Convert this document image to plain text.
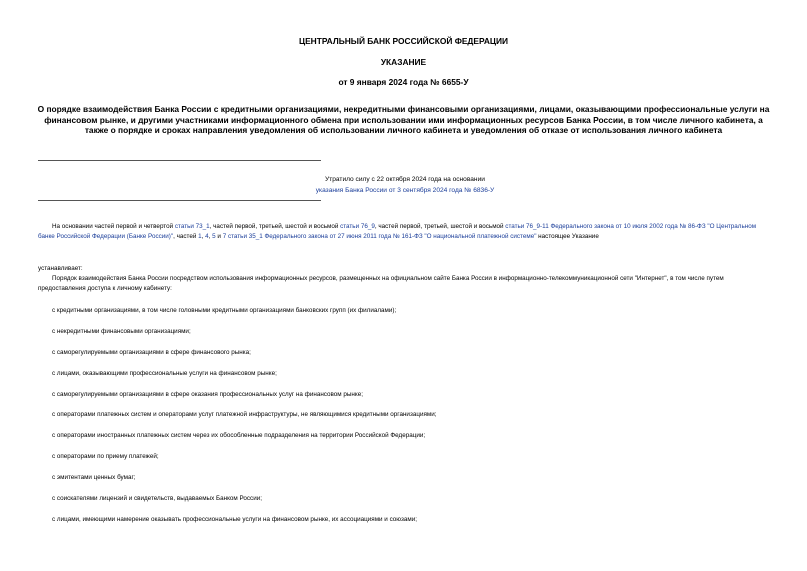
ЦЕНТРАЛЬНЫЙ БАНК РОССИЙСКОЙ ФЕДЕРАЦИИ
УКАЗАНИЕ
от 9 января 2024 года № 6655-У
О порядке взаимодействия Банка России с кредитными организациями, некредитными финансовыми организациями, лицами, оказывающими профессиональные услуги на финансовом рынке, и другими участниками информационного обмена при использовании ими информационных ресурсов Банка России, в том числе личного кабинета, а также о порядке и сроках направления уведомления об использовании личного кабинета и уведомления об отказе от использования личного кабинета
Утратило силу с 22 октября 2024 года на основании
указания Банка России от 3 сентября 2024 года № 6836-У
На основании частей первой и четвертой статьи 73_1, частей первой, третьей, шестой и восьмой статьи 76_9, частей первой, третьей, шестой и восьмой статьи 76_9-11 Федерального закона от 10 июля 2002 года № 86-ФЗ "О Центральном банке Российской Федерации (Банке России)", частей 1, 4, 5 и 7 статьи 35_1 Федерального закона от 27 июня 2011 года № 161-ФЗ "О национальной платежной системе" настоящее Указание
устанавливает:
Порядок взаимодействия Банка России посредством использования информационных ресурсов, размещенных на официальном сайте Банка России в информационно-телекоммуникационной сети "Интернет", в том числе путем предоставления доступа к личному кабинету:
с кредитными организациями, в том числе головными кредитными организациями банковских групп (их филиалами);
с некредитными финансовыми организациями;
с саморегулируемыми организациями в сфере финансового рынка;
с лицами, оказывающими профессиональные услуги на финансовом рынке;
с саморегулируемыми организациями в сфере оказания профессиональных услуг на финансовом рынке;
с операторами платежных систем и операторами услуг платежной инфраструктуры, не являющимися кредитными организациями;
с операторами иностранных платежных систем через их обособленные подразделения на территории Российской Федерации;
с операторами по приему платежей;
с эмитентами ценных бумаг;
с соискателями лицензий и свидетельств, выдаваемых Банком России;
с лицами, имеющими намерение оказывать профессиональные услуги на финансовом рынке, их ассоциациями и союзами;
